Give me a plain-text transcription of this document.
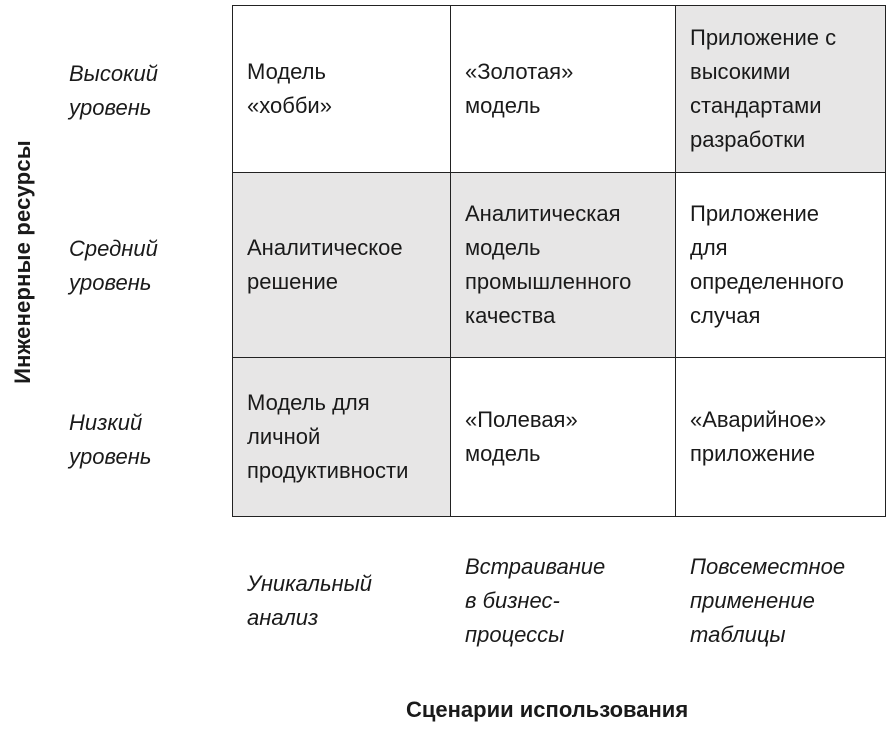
Инженерные ресурсы
Высокий
уровень
Средний
уровень
Низкий
уровень
Модель
«хобби»
«Золотая»
модель
Приложение с
высокими
стандартами
разработки
Аналитическое
решение
Аналитическая
модель
промышленного
качества
Приложение
для
определенного
случая
Модель для
личной
продуктивности
«Полевая»
модель
«Аварийное»
приложение
Уникальный
анализ
Встраивание
в бизнес-
процессы
Повсеместное
применение
таблицы
Сценарии использования
